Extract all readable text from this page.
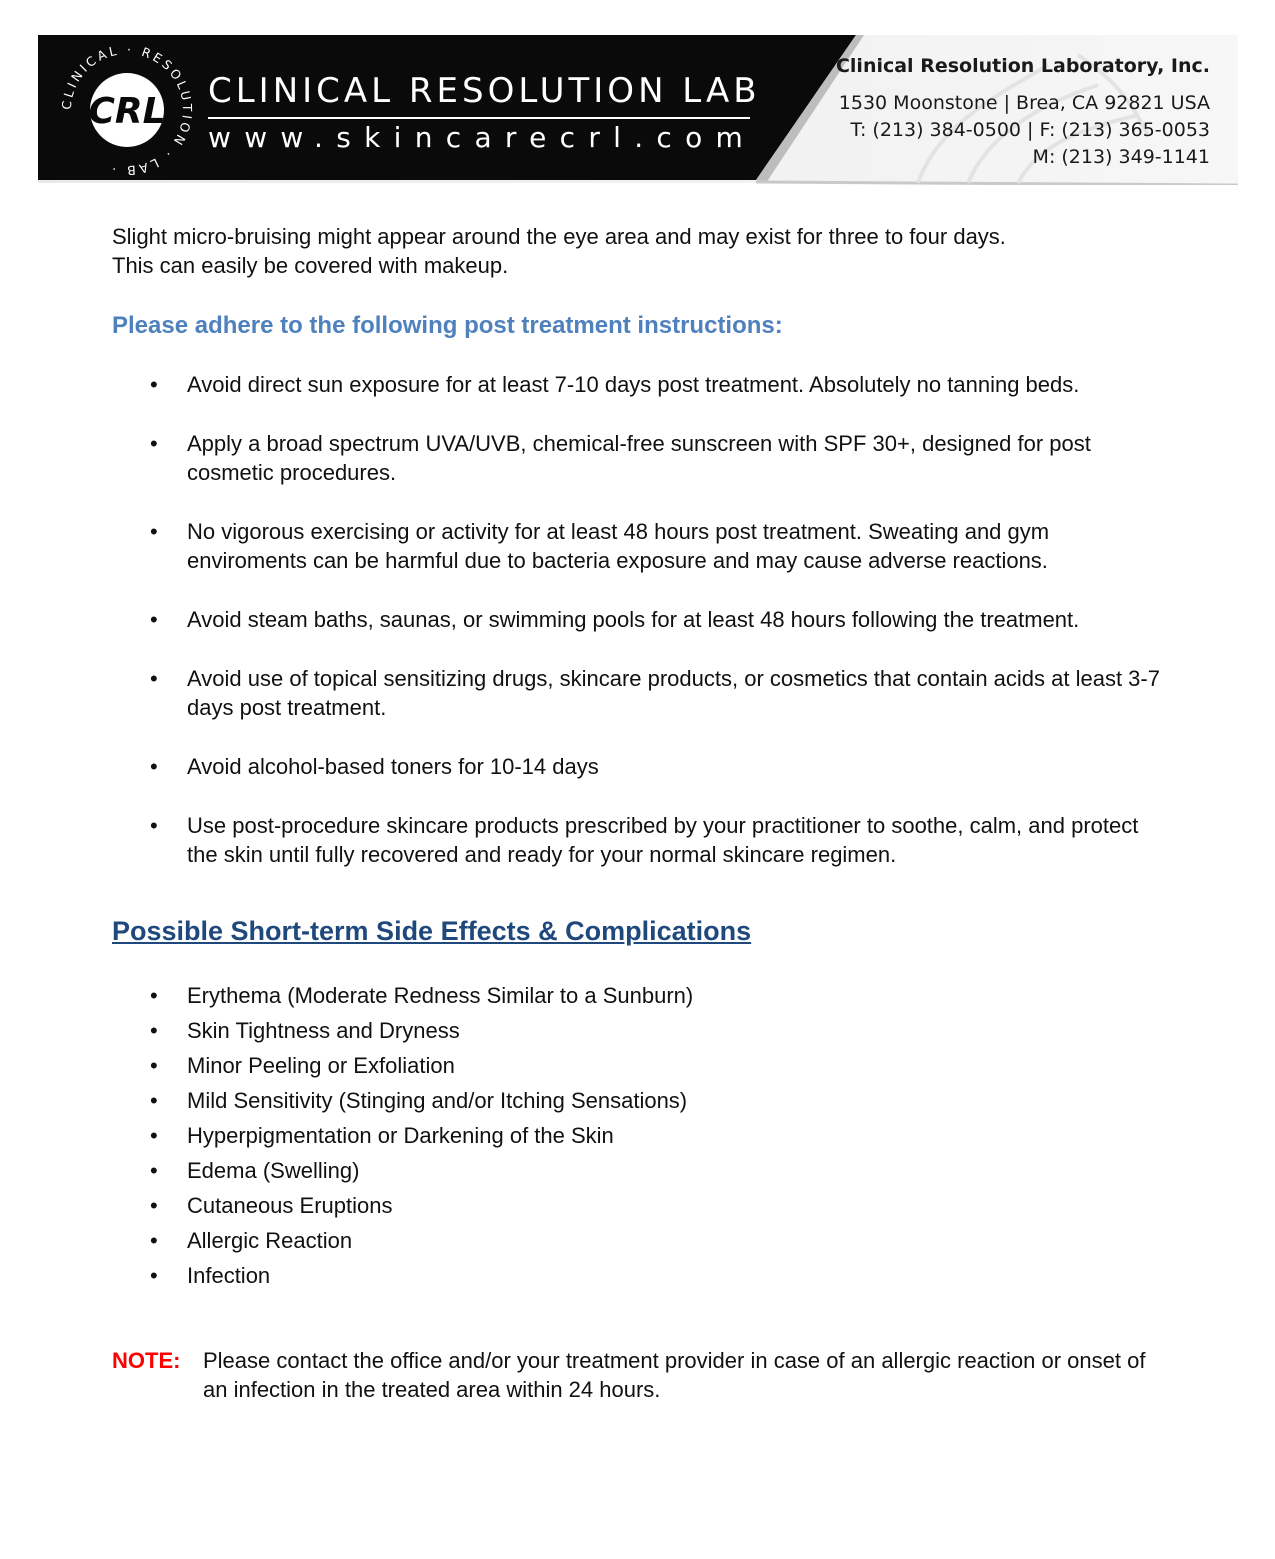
CLINICAL · RESOLUTION · LAB ·
CRL CLINICAL RESOLUTION LAB
www.skincarecrl.com
Clinical Resolution Laboratory, Inc.
1530 Moonstone | Brea, CA 92821 USA
T: (213) 384-0500 | F: (213) 365-0053
M: (213) 349-1141

Slight micro-bruising might appear around the eye area and may exist for three to four days.
This can easily be covered with makeup.

Please adhere to the following post treatment instructions:
• Avoid direct sun exposure for at least 7-10 days post treatment. Absolutely no tanning beds.
• Apply a broad spectrum UVA/UVB, chemical-free sunscreen with SPF 30+, designed for post cosmetic procedures.
• No vigorous exercising or activity for at least 48 hours post treatment. Sweating and gym enviroments can be harmful due to bacteria exposure and may cause adverse reactions.
• Avoid steam baths, saunas, or swimming pools for at least 48 hours following the treatment.
• Avoid use of topical sensitizing drugs, skincare products, or cosmetics that contain acids at least 3-7 days post treatment.
• Avoid alcohol-based toners for 10-14 days
• Use post-procedure skincare products prescribed by your practitioner to soothe, calm, and protect the skin until fully recovered and ready for your normal skincare regimen.
Possible Short-term Side Effects & Complications
• Erythema (Moderate Redness Similar to a Sunburn)
• Skin Tightness and Dryness
• Minor Peeling or Exfoliation
• Mild Sensitivity (Stinging and/or Itching Sensations)
• Hyperpigmentation or Darkening of the Skin
• Edema (Swelling)
• Cutaneous Eruptions
• Allergic Reaction
• Infection
NOTE:	Please contact the office and/or your treatment provider in case of an allergic reaction or onset of an infection in the treated area within 24 hours.
